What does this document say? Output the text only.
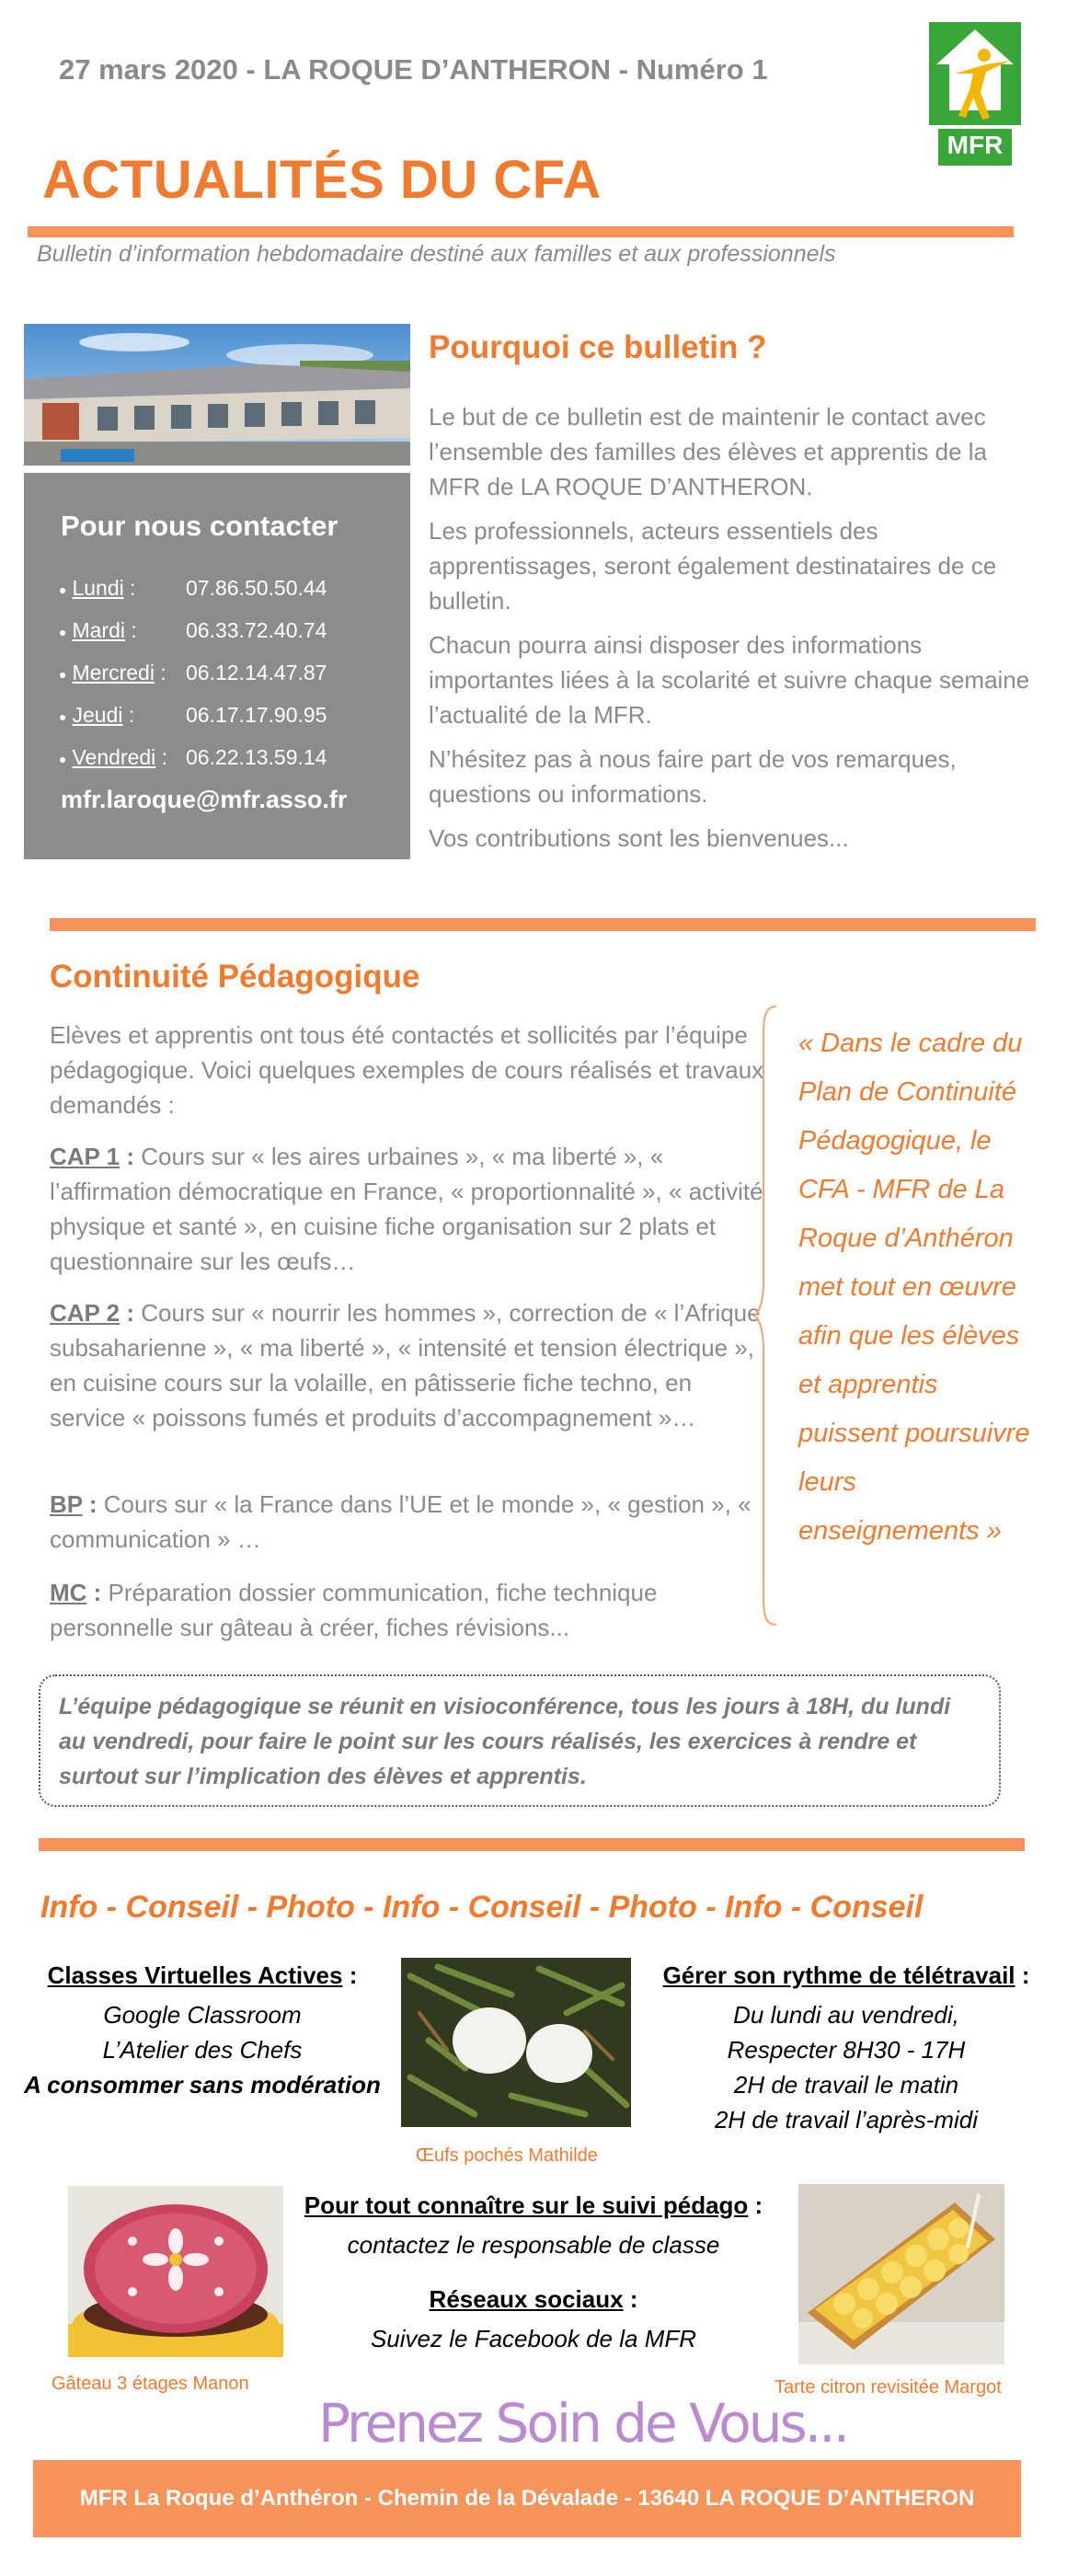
27 mars 2020 - LA ROQUE D’ANTHERON - Numéro 1
MFR
ACTUALITÉS DU CFA
Bulletin d’information hebdomadaire destiné aux familles et aux professionnels
Pour nous contacter
● Lundi : 07.86.50.50.44
● Mardi : 06.33.72.40.74
● Mercredi : 06.12.14.47.87
● Jeudi : 06.17.17.90.95
● Vendredi : 06.22.13.59.14
mfr.laroque@mfr.asso.fr
Pourquoi ce bulletin ?
Le but de ce bulletin est de maintenir le contact avec l’ensemble des familles des élèves et apprentis de la MFR de LA ROQUE D’ANTHERON.
Les professionnels, acteurs essentiels des apprentissages, seront également destinataires de ce bulletin.
Chacun pourra ainsi disposer des informations importantes liées à la scolarité et suivre chaque semaine l’actualité de la MFR.
N’hésitez pas à nous faire part de vos remarques, questions ou informations.
Vos contributions sont les bienvenues...
Continuité Pédagogique
Elèves et apprentis ont tous été contactés et sollicités par l’équipe pédagogique. Voici quelques exemples de cours réalisés et travaux demandés :
CAP 1 : Cours sur « les aires urbaines », « ma liberté », « l’affirmation démocratique en France, « proportionnalité », « activité physique et santé », en cuisine fiche organisation sur 2 plats et questionnaire sur les œufs…
CAP 2 : Cours sur « nourrir les hommes », correction de « l’Afrique subsaharienne », « ma liberté », « intensité et tension électrique », en cuisine cours sur la volaille, en pâtisserie fiche techno, en service « poissons fumés et produits d’accompagnement »…
BP : Cours sur « la France dans l’UE et le monde », « gestion », « communication » …
MC : Préparation dossier communication, fiche technique personnelle sur gâteau à créer, fiches révisions...
« Dans le cadre du Plan de Continuité Pédagogique, le CFA - MFR de La Roque d’Anthéron met tout en œuvre afin que les élèves et apprentis puissent poursuivre leurs enseignements »
L’équipe pédagogique se réunit en visioconférence, tous les jours à 18H, du lundi au vendredi, pour faire le point sur les cours réalisés, les exercices à rendre et surtout sur l’implication des élèves et apprentis.
Info - Conseil - Photo - Info - Conseil - Photo - Info - Conseil
Classes Virtuelles Actives :
Google Classroom
L’Atelier des Chefs
A consommer sans modération
Œufs pochés Mathilde
Gérer son rythme de télétravail :
Du lundi au vendredi,
Respecter 8H30 - 17H
2H de travail le matin
2H de travail l’après-midi
Gâteau 3 étages Manon
Pour tout connaître sur le suivi pédago :
contactez le responsable de classe
Réseaux sociaux :
Suivez le Facebook de la MFR
Tarte citron revisitée Margot
Prenez Soin de Vous...
MFR La Roque d’Anthéron - Chemin de la Dévalade - 13640 LA ROQUE D’ANTHERON
